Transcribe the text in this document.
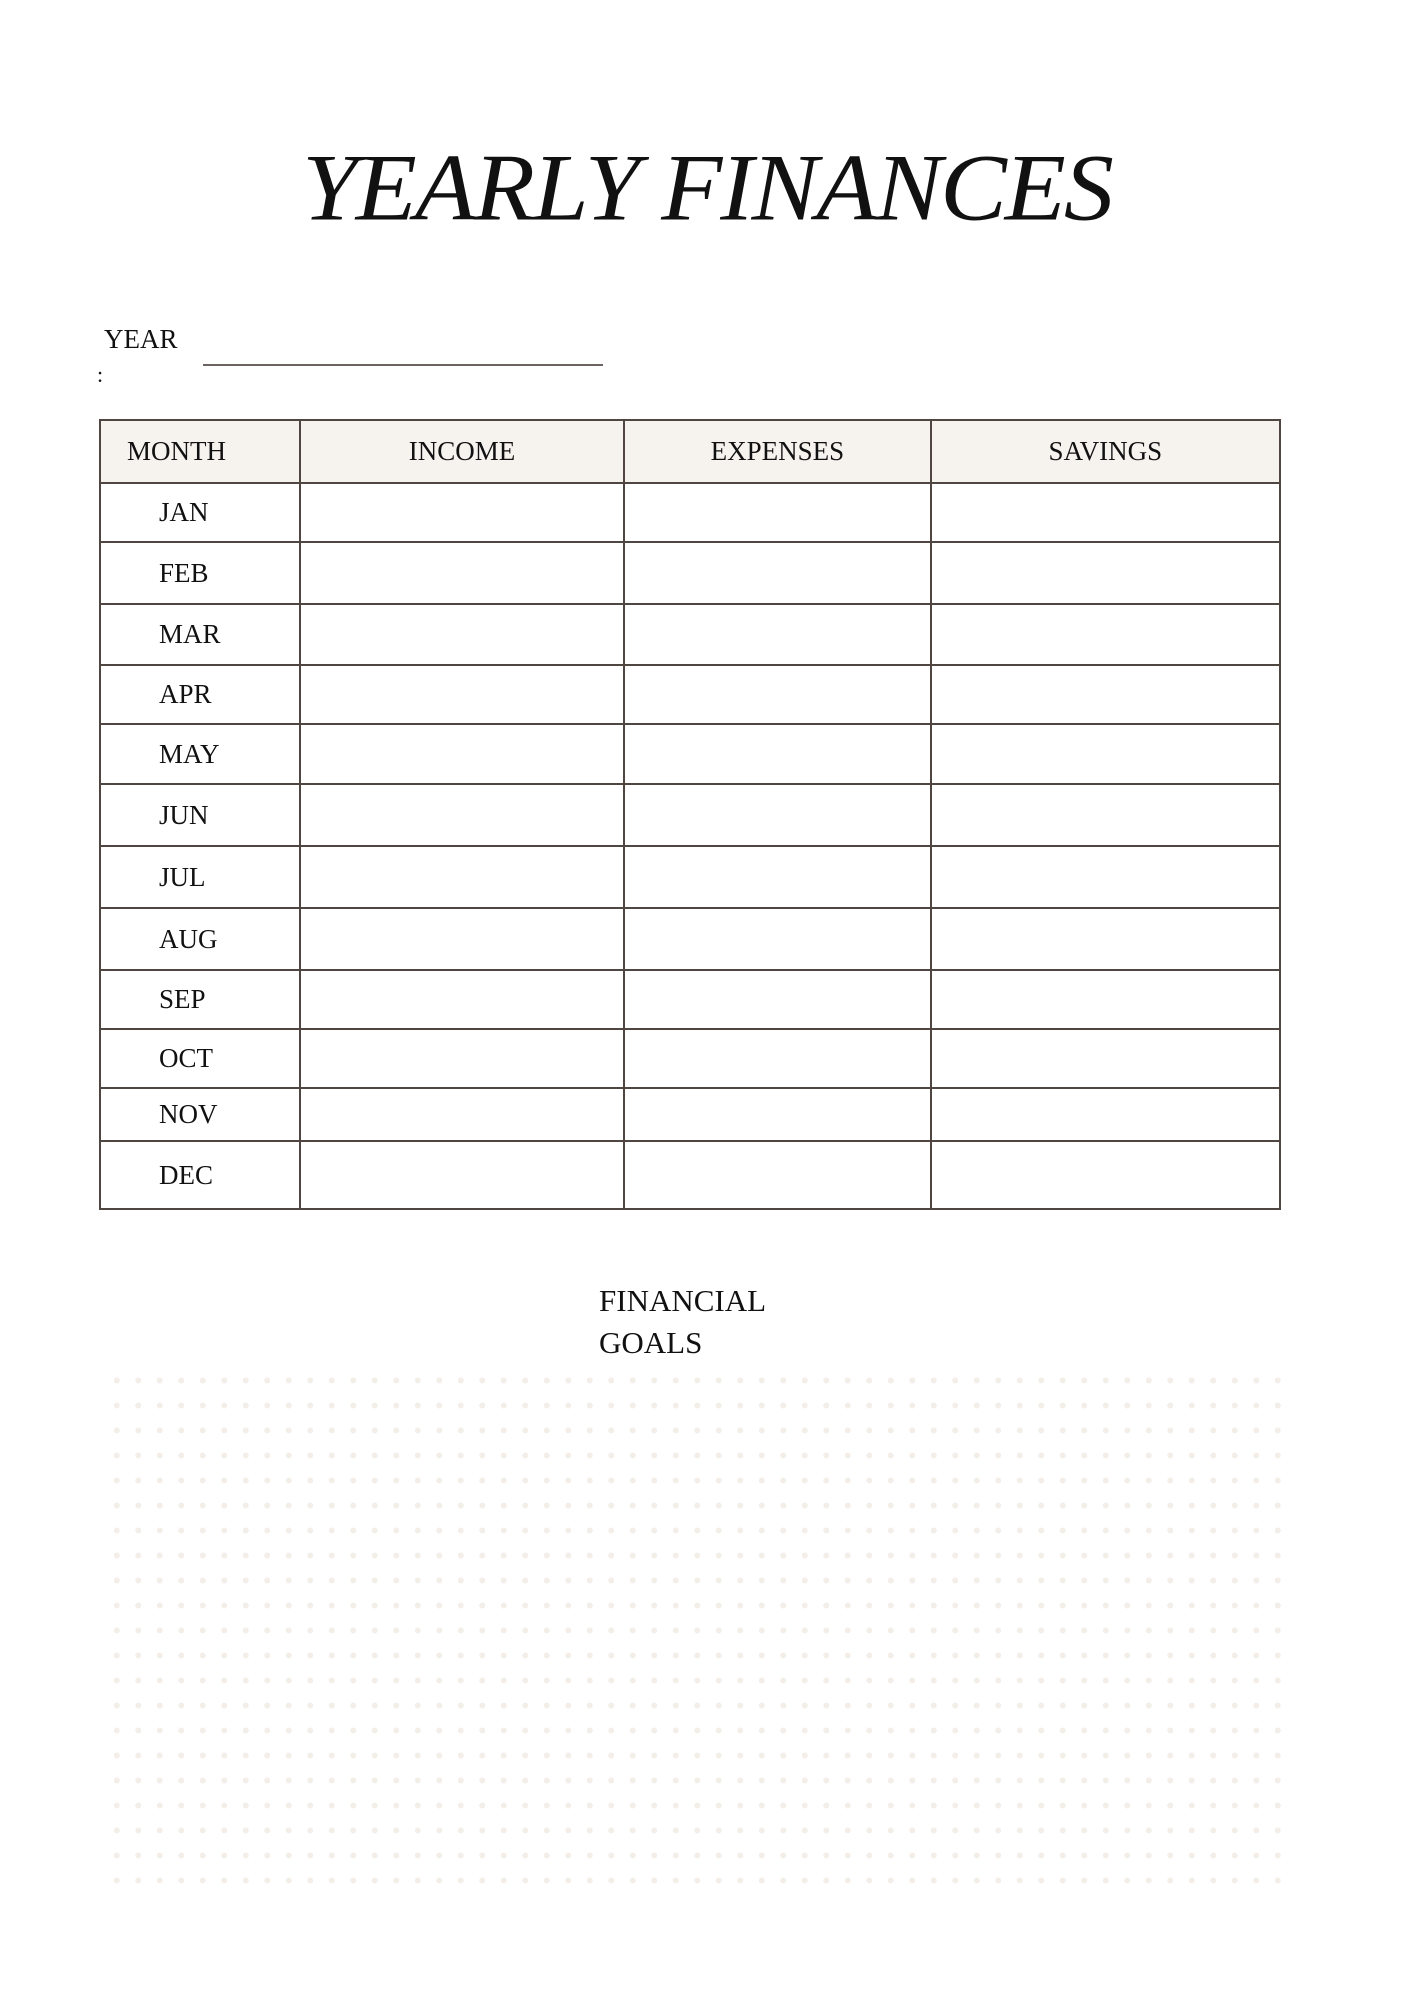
YEARLY FINANCES
YEAR
:
MONTH	INCOME	EXPENSES	SAVINGS
JAN			
FEB			
MAR			
APR			
MAY			
JUN			
JUL			
AUG			
SEP			
OCT			
NOV			
DEC			
FINANCIAL
GOALS
